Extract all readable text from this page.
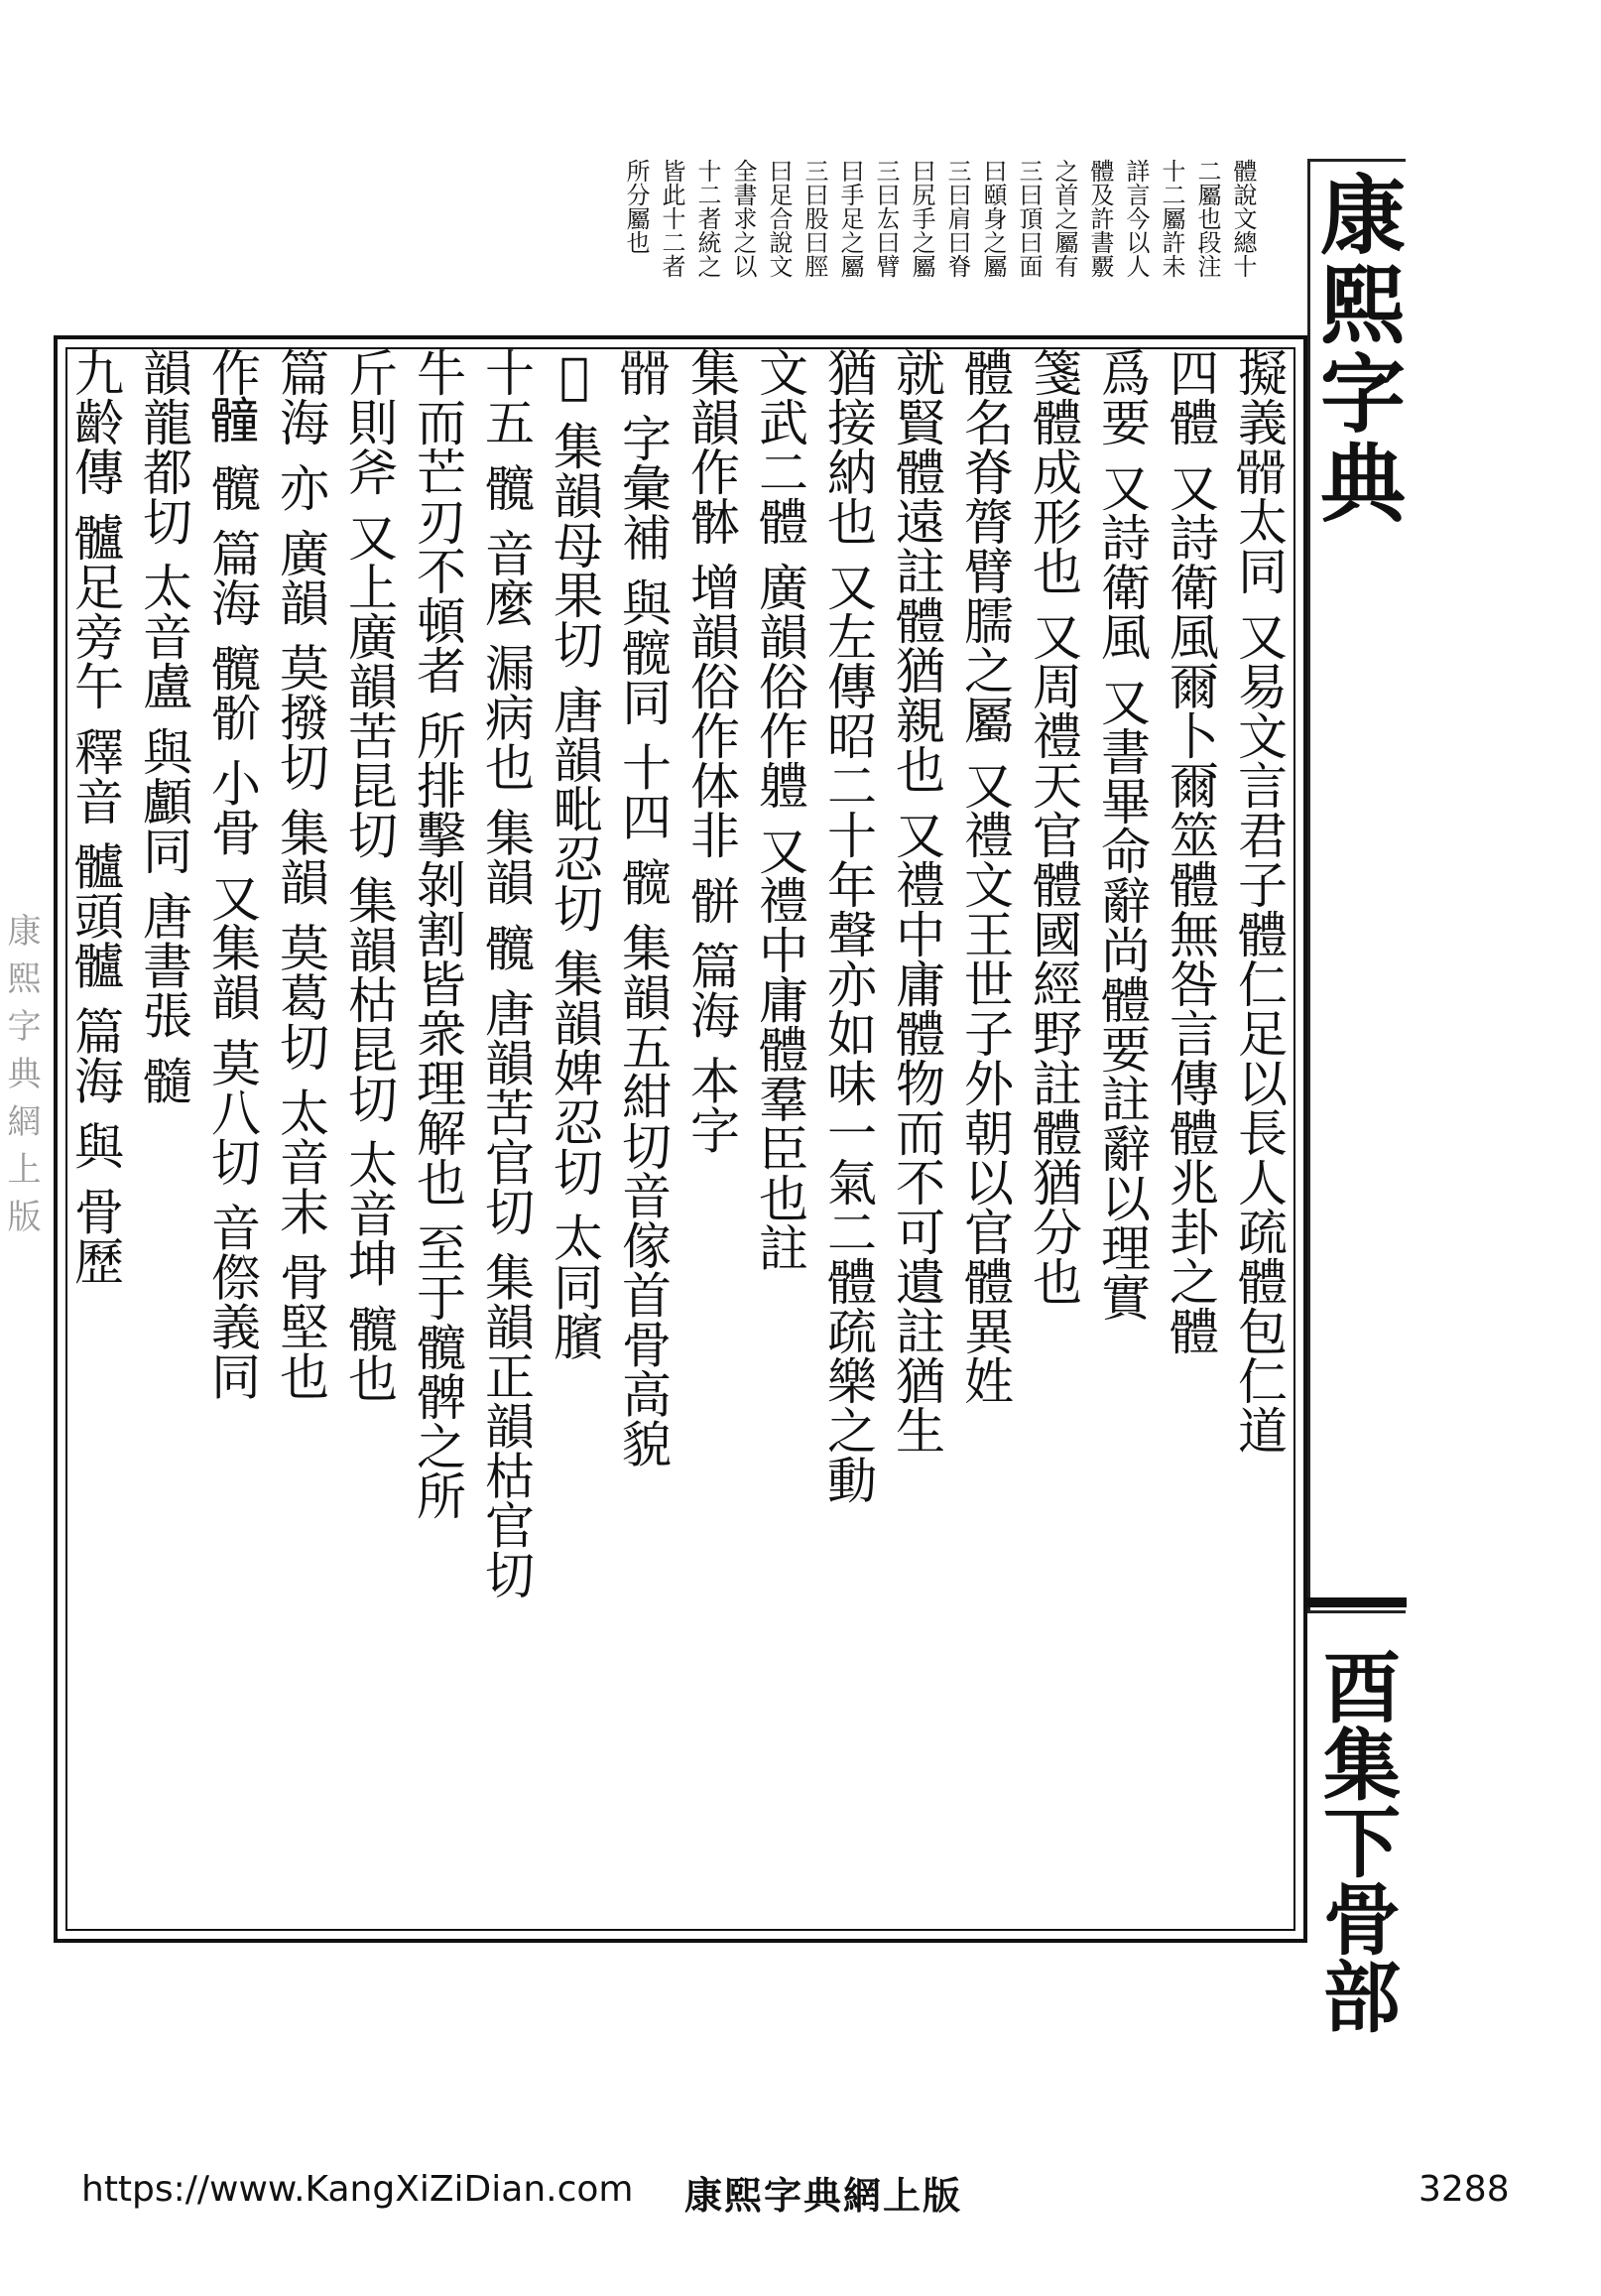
康熙字典
酉集下骨部
體說文總十
二屬也段注
十二屬許未
詳言今以人
體及許書覈
之首之屬有
三曰頂曰面
曰頤身之屬
三曰肩曰脊
曰尻手之屬
三曰厷曰臂
曰手足之屬
三曰股曰脛
曰足合說文
全書求之以
十二者統之
皆此十二者
所分屬也
擬義𩪆太同 又易文言君子體仁足以長人疏體包仁道
四體 又詩衛風爾卜爾筮體無咎言傳體兆卦之體
爲要 又詩衛風 又書畢命辭尚體要註辭以理實
箋體成形也 又周禮天官體國經野註體猶分也
體名脊膂臂臑之屬 又禮文王世子外朝以官體異姓
就賢體遠註體猶親也 又禮中庸體物而不可遺註猶生
猶接納也 又左傳昭二十年聲亦如味一氣二體疏樂之動
文武二體 廣韻俗作軆 又禮中庸體羣臣也註
集韻作骵 增韻俗作体非 骿 篇海 本字
𩪆 字彙補 與髋同 十四 髋 集韻五紺切音傢首骨高貌
𩩻 集韻母果切 唐韻毗忍切 集韻婢忍切 太同臏
十五 髖 音麼 漏病也 集韻 髖 唐韻苦官切 集韻正韻枯官切
牛而芒刃不頓者 所排擊剝割皆衆理解也 至于髖髀之所
斤則斧 又上廣韻苦昆切 集韻枯昆切 太音坤 髖也
篇海 亦 廣韻 莫撥切 集韻 莫葛切 太音末 骨堅也
作𩪘 髖 篇海 髖骱 小骨 又集韻 莫八切 音傺義同
韻龍都切 太音盧 與顱同 唐書張 髓
九齡傳 髗足旁午 釋音 髗頭髗 篇海 與 骨歷
康熙字典網上版
https://www.KangXiZiDian.com 康熙字典網上版	3288
